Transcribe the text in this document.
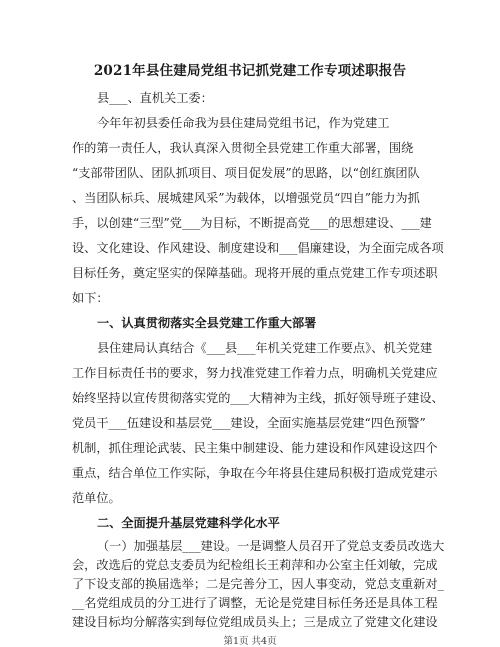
2021年县住建局党组书记抓党建工作专项述职报告
县___、直机关工委：
今年年初县委任命我为县住建局党组书记，作为党建工
作的第一责任人，我认真深入贯彻全县党建工作重大部署，围绕
“支部带团队、团队抓项目、项目促发展”的思路，以“创红旗团队
、当团队标兵、展城建风采”为载体，以增强党员“四自”能力为抓
手，以创建“三型”党___为目标，不断提高党___的思想建设、___建
设、文化建设、作风建设、制度建设和___倡廉建设，为全面完成各项
目标任务，奠定坚实的保障基础。现将开展的重点党建工作专项述职
如下：
一、认真贯彻落实全县党建工作重大部署
县住建局认真结合《___县___年机关党建工作要点》、机关党建
工作目标责任书的要求，努力找准党建工作着力点，明确机关党建应
始终坚持以宣传贯彻落实党的___大精神为主线，抓好领导班子建设、
党员干___伍建设和基层党___建设，全面实施基层党建“四色预警”
机制，抓住理论武装、民主集中制建设、能力建设和作风建设这四个
重点，结合单位工作实际，争取在今年将县住建局积极打造成党建示
范单位。
二、全面提升基层党建科学化水平
（一）加强基层___建设。一是调整人员召开了党总支委员改选大
会，改选后的党总支委员为纪检组长王莉萍和办公室主任刘敏，完成
了下设支部的换届选举；二是完善分工，因人事变动，党总支重新对_
第1页 共4页
__名党组成员的分工进行了调整，无论是党建目标任务还是具体工程
建设目标均分解落实到每位党组成员头上；三是成立了党建文化建设
